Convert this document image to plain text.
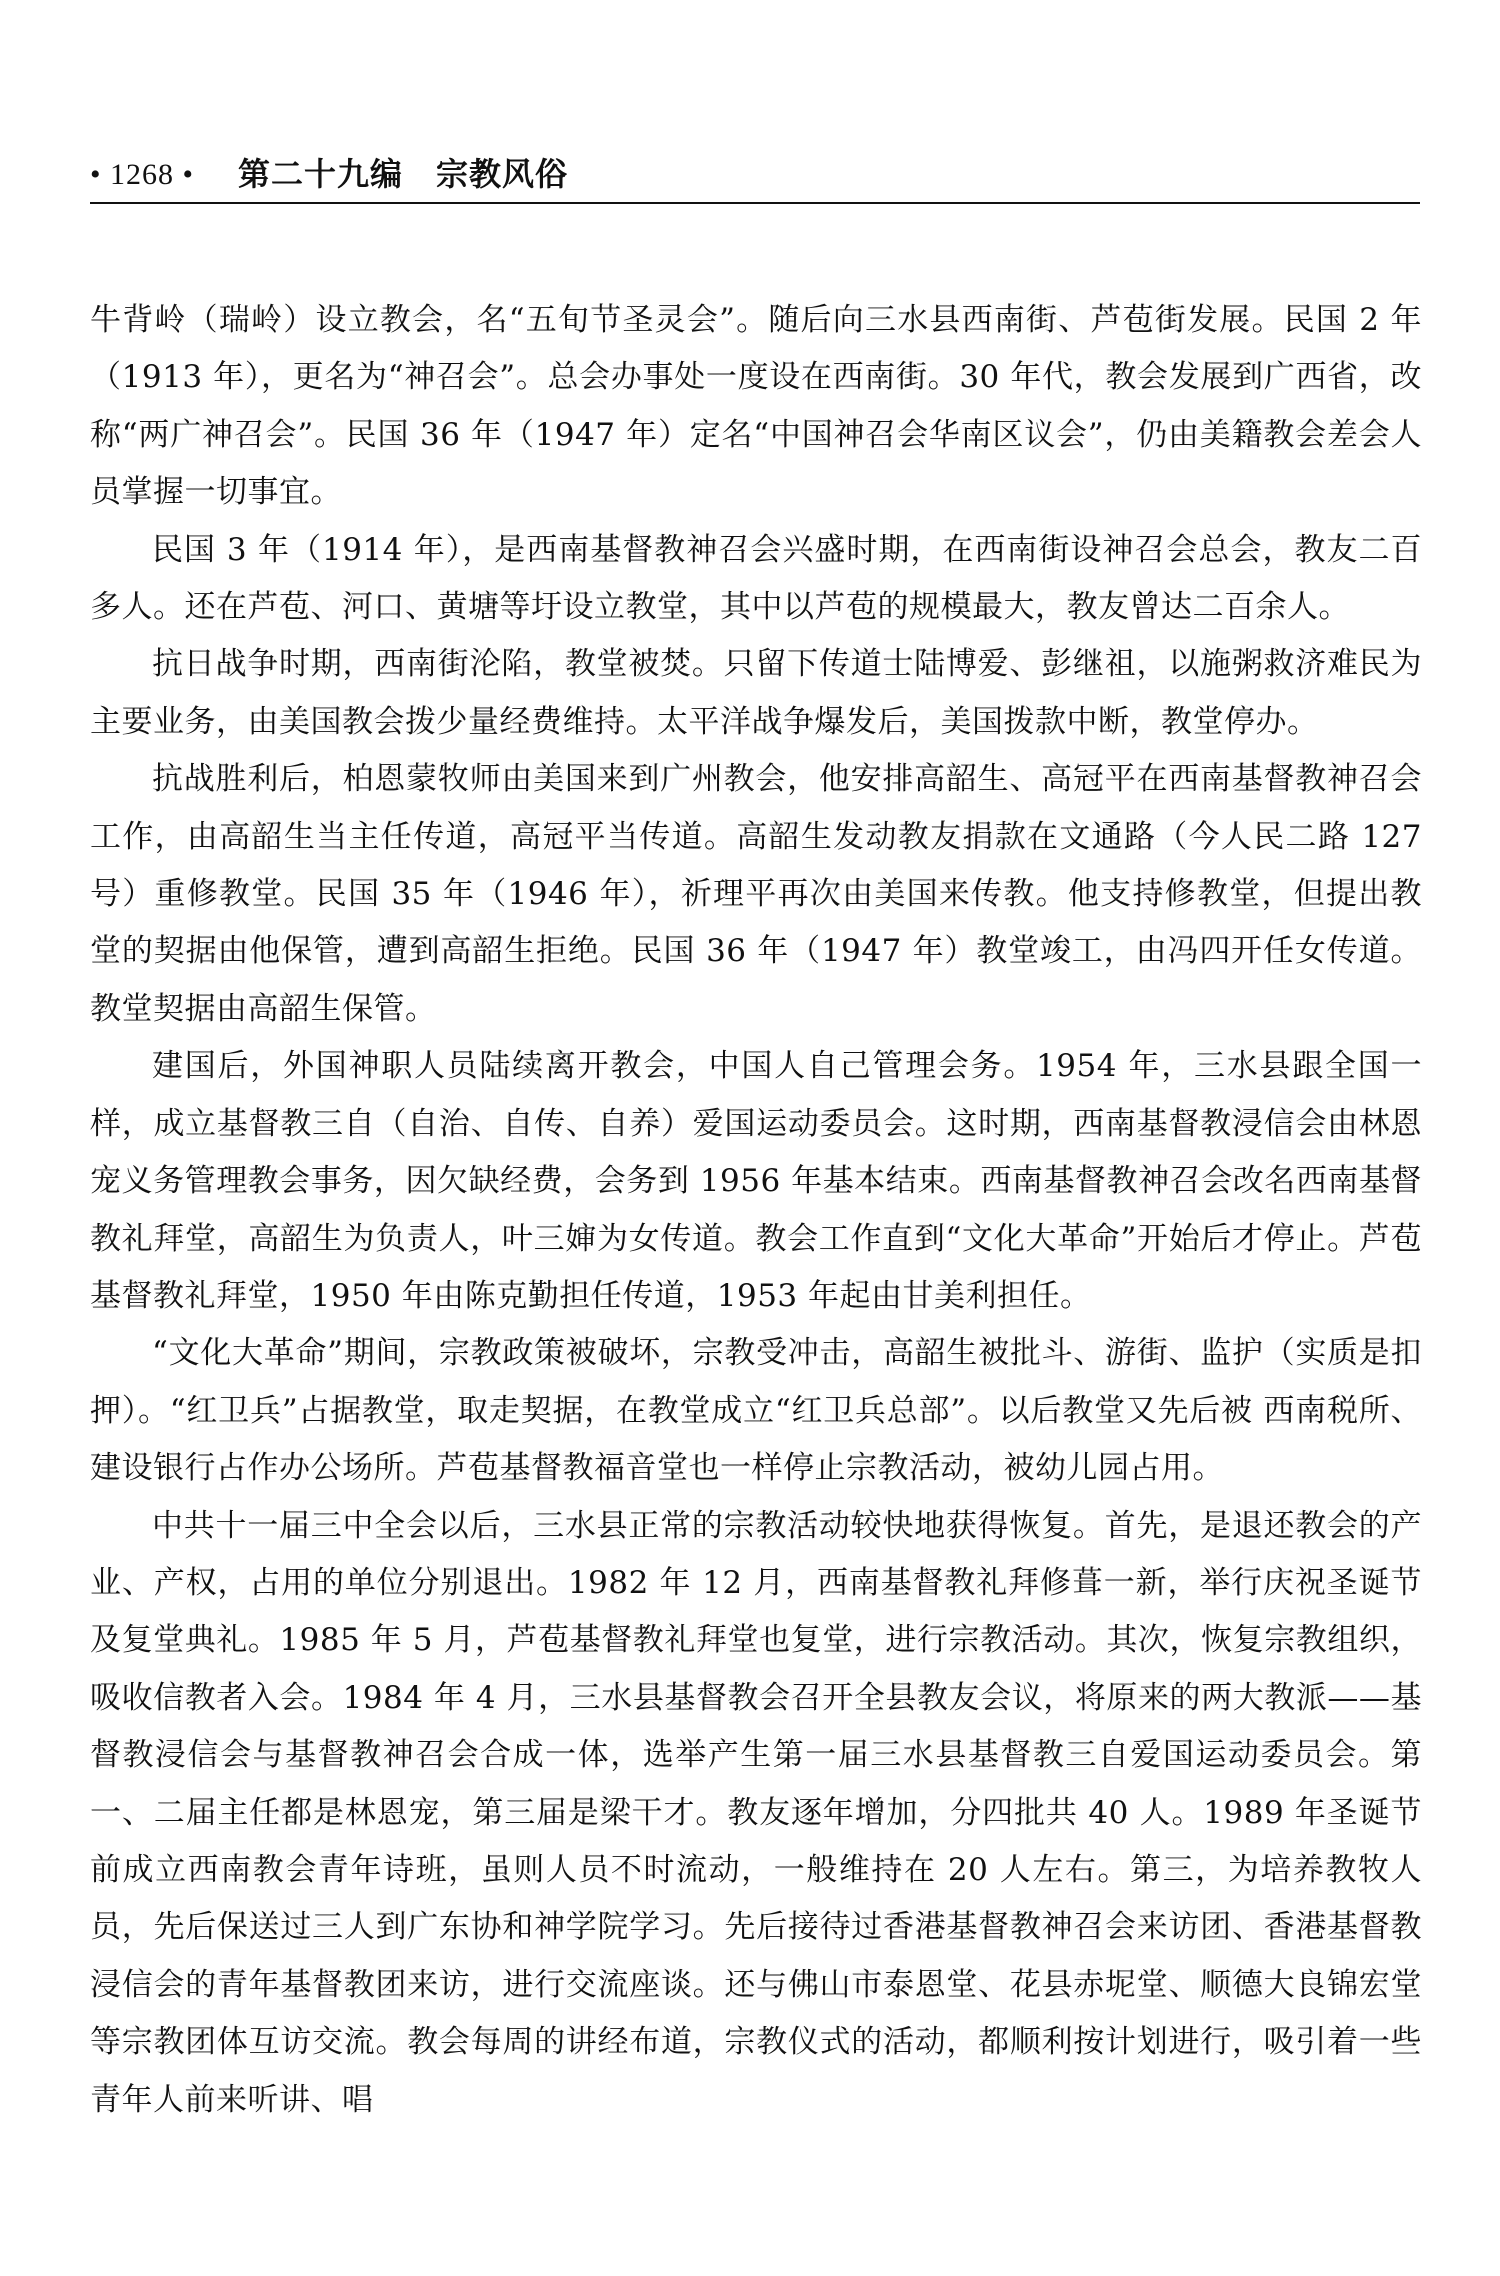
• 1268 • 第二十九编　宗教风俗

牛背岭（瑞岭）设立教会，名“五旬节圣灵会”。随后向三水县西南街、芦苞街发展。民国 2 年（1913 年），更名为“神召会”。总会办事处一度设在西南街。30 年代，教会发展到广西省，改称“两广神召会”。民国 36 年（1947 年）定名“中国神召会华南区议会”，仍由美籍教会差会人员掌握一切事宜。

民国 3 年（1914 年），是西南基督教神召会兴盛时期，在西南街设神召会总会，教友二百多人。还在芦苞、河口、黄塘等圩设立教堂，其中以芦苞的规模最大，教友曾达二百余人。

抗日战争时期，西南街沦陷，教堂被焚。只留下传道士陆博爱、彭继祖，以施粥救济难民为主要业务，由美国教会拨少量经费维持。太平洋战争爆发后，美国拨款中断，教堂停办。

抗战胜利后，柏恩蒙牧师由美国来到广州教会，他安排高韶生、高冠平在西南基督教神召会工作，由高韶生当主任传道，高冠平当传道。高韶生发动教友捐款在文通路（今人民二路 127 号）重修教堂。民国 35 年（1946 年），祈理平再次由美国来传教。他支持修教堂，但提出教堂的契据由他保管，遭到高韶生拒绝。民国 36 年（1947 年）教堂竣工，由冯四开任女传道。教堂契据由高韶生保管。

建国后，外国神职人员陆续离开教会，中国人自己管理会务。1954 年，三水县跟全国一样，成立基督教三自（自治、自传、自养）爱国运动委员会。这时期，西南基督教浸信会由林恩宠义务管理教会事务，因欠缺经费，会务到 1956 年基本结束。西南基督教神召会改名西南基督教礼拜堂，高韶生为负责人，叶三婶为女传道。教会工作直到“文化大革命”开始后才停止。芦苞基督教礼拜堂，1950 年由陈克勤担任传道，1953 年起由甘美利担任。

“文化大革命”期间，宗教政策被破坏，宗教受冲击，高韶生被批斗、游街、监护（实质是扣押）。“红卫兵”占据教堂，取走契据，在教堂成立“红卫兵总部”。以后教堂又先后被 西南税所、建设银行占作办公场所。芦苞基督教福音堂也一样停止宗教活动，被幼儿园占用。

中共十一届三中全会以后，三水县正常的宗教活动较快地获得恢复。首先，是退还教会的产业、产权，占用的单位分别退出。1982 年 12 月，西南基督教礼拜修葺一新，举行庆祝圣诞节及复堂典礼。1985 年 5 月，芦苞基督教礼拜堂也复堂，进行宗教活动。其次，恢复宗教组织，吸收信教者入会。1984 年 4 月，三水县基督教会召开全县教友会议，将原来的两大教派——基督教浸信会与基督教神召会合成一体，选举产生第一届三水县基督教三自爱国运动委员会。第一、二届主任都是林恩宠，第三届是梁干才。教友逐年增加，分四批共 40 人。1989 年圣诞节前成立西南教会青年诗班，虽则人员不时流动，一般维持在 20 人左右。第三，为培养教牧人员，先后保送过三人到广东协和神学院学习。先后接待过香港基督教神召会来访团、香港基督教浸信会的青年基督教团来访，进行交流座谈。还与佛山市泰恩堂、花县赤坭堂、顺德大良锦宏堂等宗教团体互访交流。教会每周的讲经布道，宗教仪式的活动，都顺利按计划进行，吸引着一些青年人前来听讲、唱
